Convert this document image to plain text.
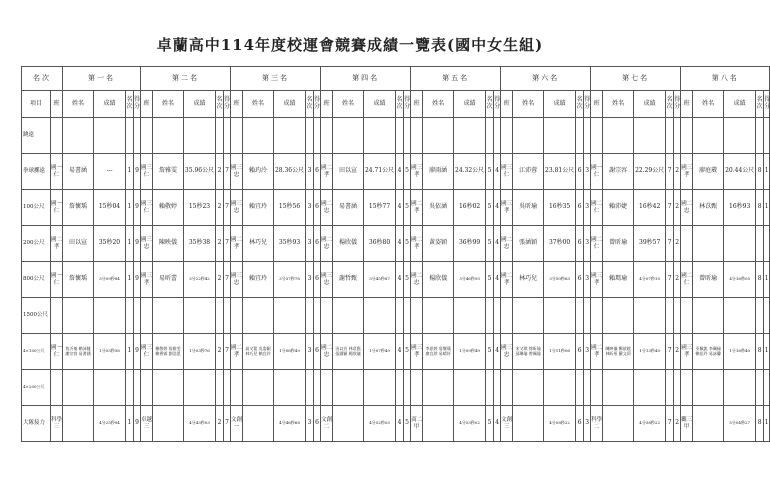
卓蘭高中114年度校運會競賽成績一覽表(國中女生組)
名次		第一名				第二名					第三名					第四名					第五名					第六名					第七名					第八名				
項目	班	姓名	成績	名次	得分	班	姓名	成績	名次	得分	班	姓名	成績	名次	得分	班	姓名	成績	名次	得分	班	姓名	成績	名次	得分	班	姓名	成績	名次	得分	班	姓名	成績	名次	得分	班	姓名	成績	名次	得分
跳遠																																								
拳球擲遠	國一仁	易書涵	---	1	9	國三仁	詹雅雯	35.96公尺	2	7	國三忠	賴玓泠	28.36公尺	3	6	國二孝	田以宣	24.71公尺	4	5	國三孝	廖雨涵	24.32公尺	5	4	國三仁	江沛蓉	23.81公尺	6	3	國一仁	謝宗容	22.29公尺	7	2	國三孝	廖庭葳	20.44公尺	8	1
100公尺	國一仁	詹懷瑀	15秒04	1	9	國三仁	賴敬婷	15秒23	2	7	國三忠	賴宜玲	15秒56	3	6	國二忠	易書涵	15秒77	4	5	國二孝	吳依涵	16秒02	5	4	國三孝	吳昕瑜	16秒35	6	3	國二仁	賴沛婕	16秒42	7	2	國二忠	林苡甄	16秒93	8	1
200公尺	國二孝	田以宣	35秒20	1	9	國三忠	陳映儀	35秒38	2	7	國二孝	林巧兒	35秒93	3	6	國二忠	楊欣儀	36秒80	4	5	國二孝	黃姿穎	36秒99	5	4	國二忠	張涵穎	37秒00	6	3	國二仁	曾昕瑜	39秒57	7	2					
800公尺	國一仁	詹懷瑀	3分09秒84	1	9	國三孝	易昕蕾	3分22秒42	2	7	國三忠	賴宜玲	3分37秒78	3	6	國三忠	謝哲甄	3分45秒87	4	5	國二忠	楊欣儀	3分46秒93	5	4	國二孝	林巧兒	3分50秒63	6	3	國三孝	賴瑪瑜	4分07秒10	7	2	國二仁	曾昕瑜	4分16秒05	8	1
1500公尺																																								
4×100公尺	國一仁	詹沂蓁 賴沛婕 謝宗容 易書涵	1分03秒58	1	9	國三仁	賴敬婷 詹雅雯 賴香霖 劉浩恩	1分03秒76	2	7	國二孝	高又絜 吳姿穎 林巧兒 賴宜玲	1分06秒49	3	6	國二忠	田以宣 林苡甄 張涵穎 楊欣儀	1分07秒49	4	5	國三孝	李思婷 詹懷瑀 廖宜珍 易晴妤	1分09秒49	5	4	國三忠	宋又琪 徐昕瑜 邱琳瑜 曾佩瑜	1分11秒06	6	3	國二孝	陳映儀 鄭歆媛 林昕彤 羅文莉	1分13秒40	7	2	國三孝	巫佩凱 李珮榆 賴佳玲 易詠馨	1分16秒40	8	1
4×200公尺																																								
大隊接力	科學三		4分25秒94	1	9	卓越三		4分43秒03	2	7	文創一		4分46秒68	3	6	文創二		4分52秒03	4	5	商二甲		4分53秒02	5	4	文創三		4分58秒22	6	3	科學二		4分58秒22	7	2	觀三甲		5分04秒27	8	1
